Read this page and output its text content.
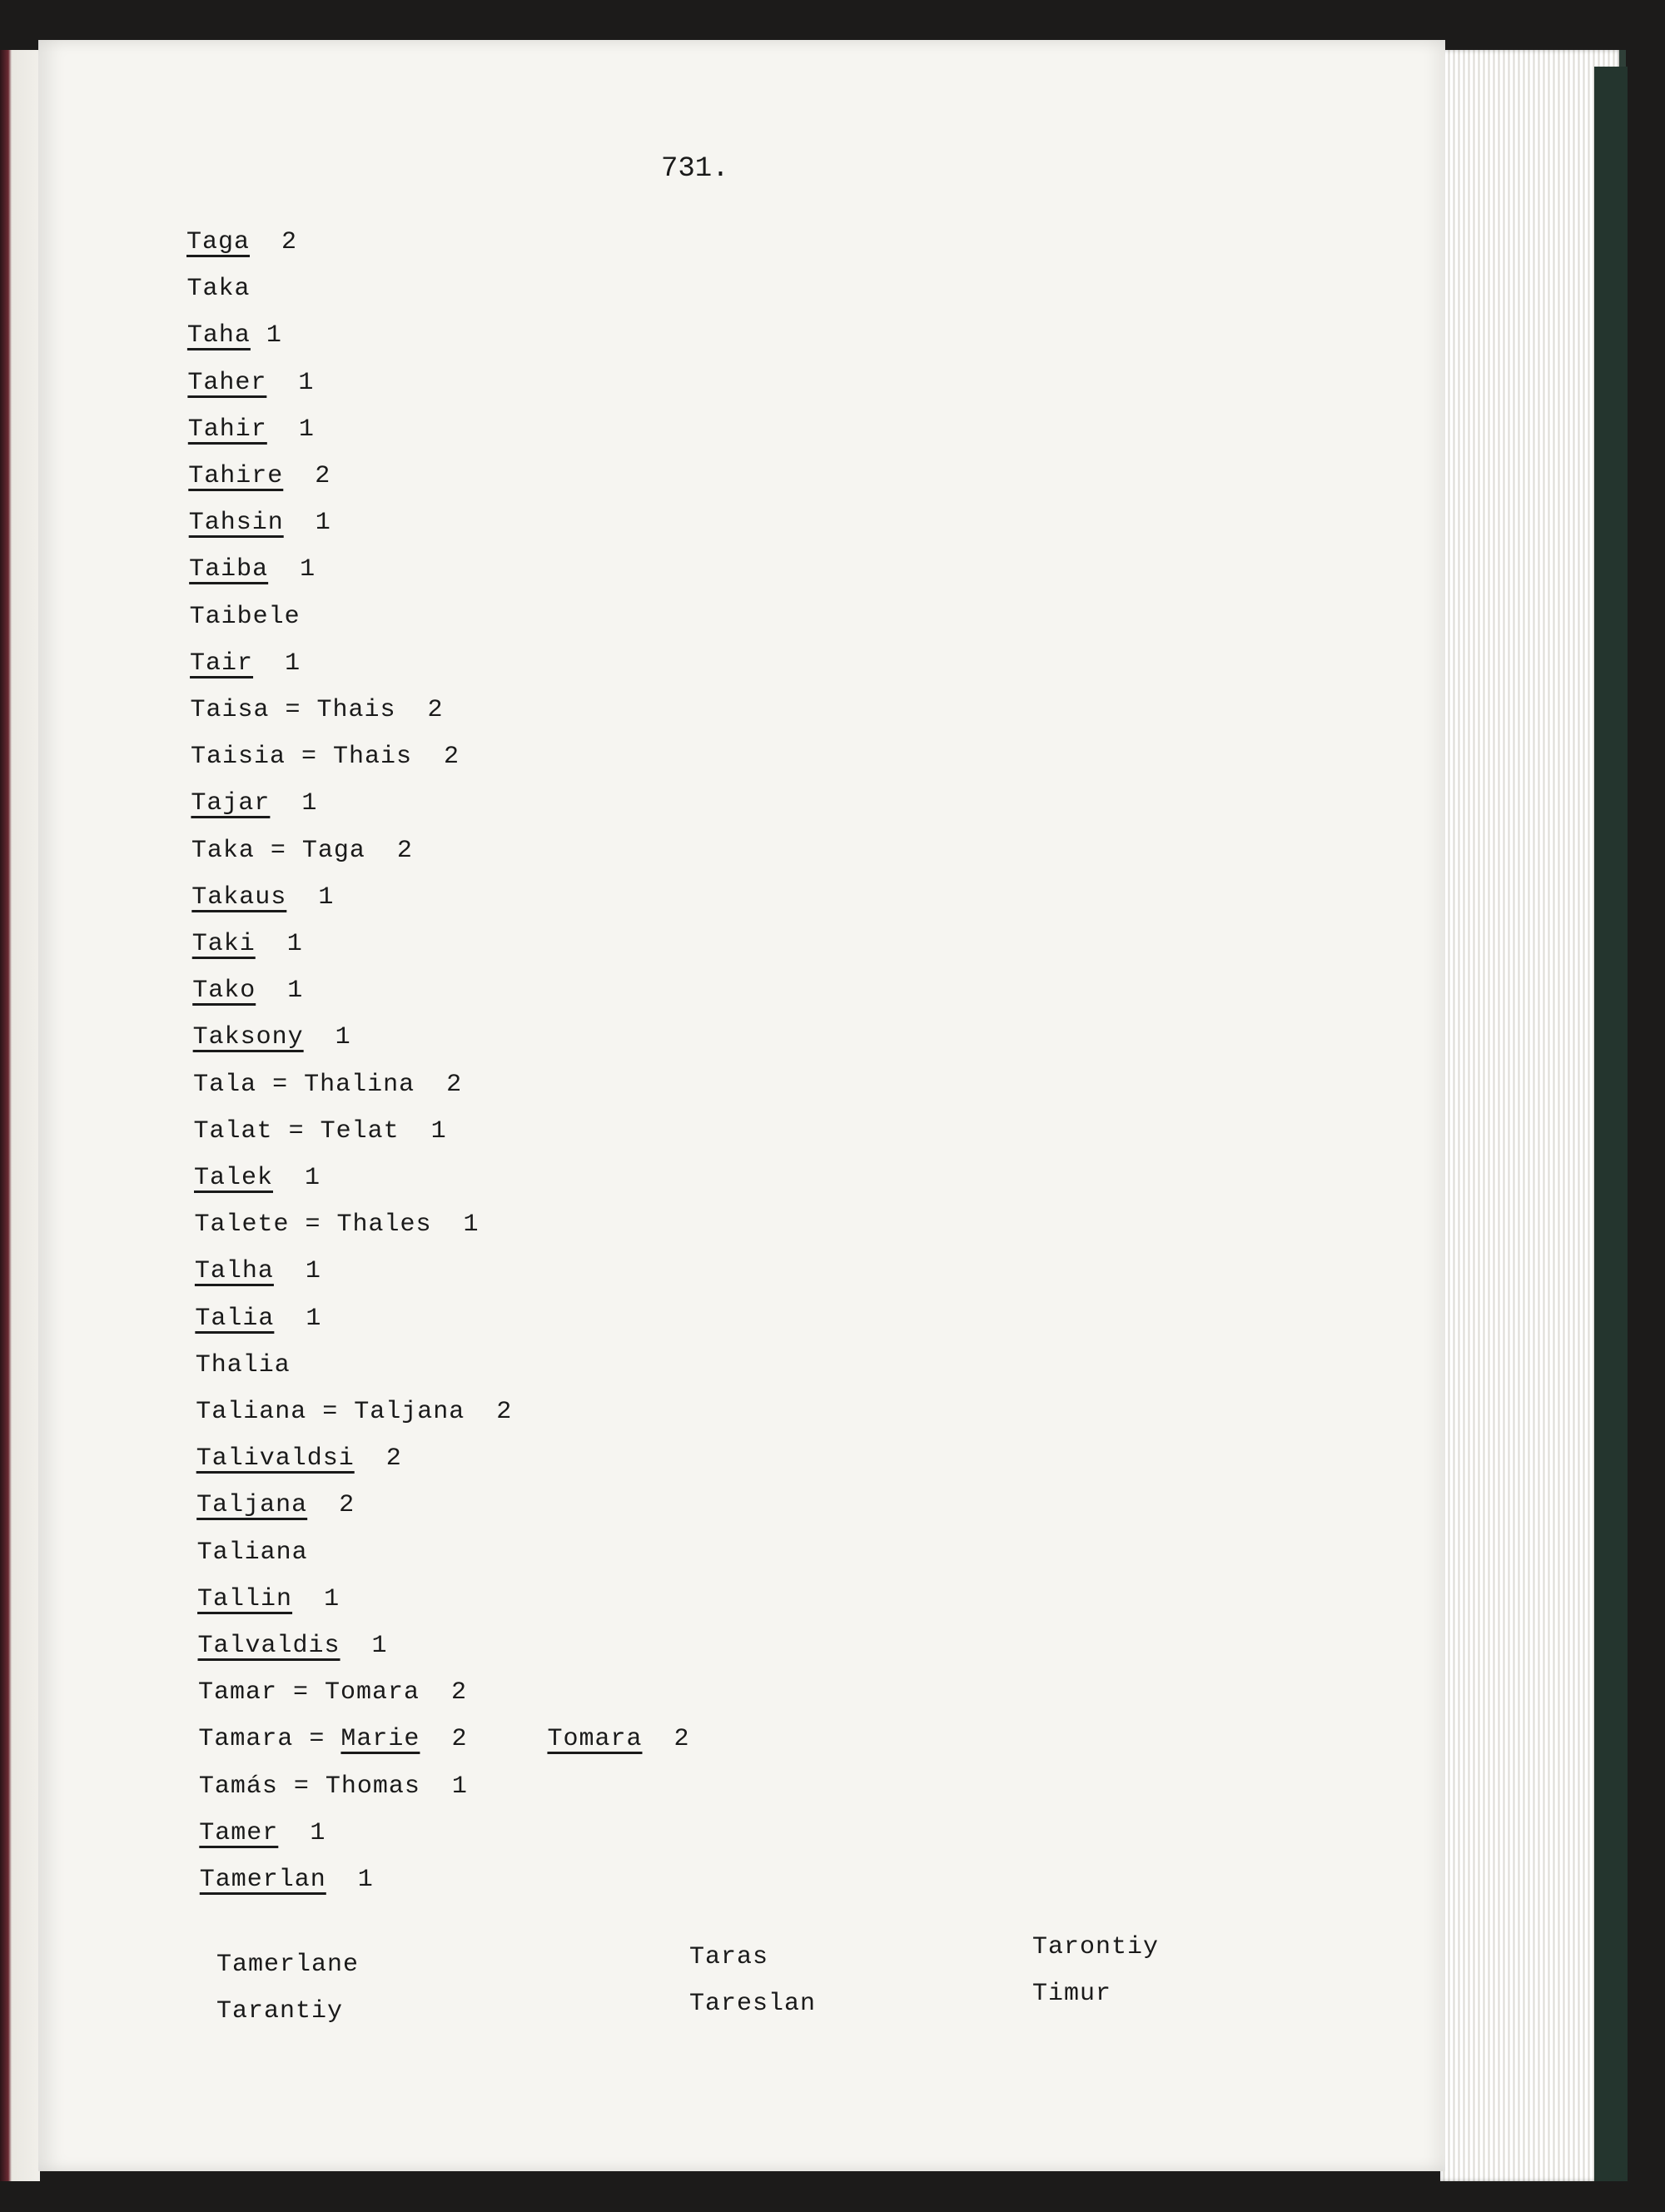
731.
Taga  2
Taka
Taha 1
Taher  1
Tahir  1
Tahire  2
Tahsin  1
Taiba  1
Taibele
Tair  1
Taisa = Thais  2
Taisia = Thais  2
Tajar  1
Taka = Taga  2
Takaus  1
Taki  1
Tako  1
Taksony  1
Tala = Thalina  2
Talat = Telat  1
Talek  1
Talete = Thales  1
Talha  1
Talia  1
Thalia
Taliana = Taljana  2
Talivaldsi  2
Taljana  2
Taliana
Tallin  1
Talvaldis  1
Tamar = Tomara  2
Tamara = Marie  2	Tomara  2
Tamás = Thomas  1
Tamer  1
Tamerlan  1
Tamerlane
Tarantiy
Taras
Tareslan
Tarontiy
Timur
